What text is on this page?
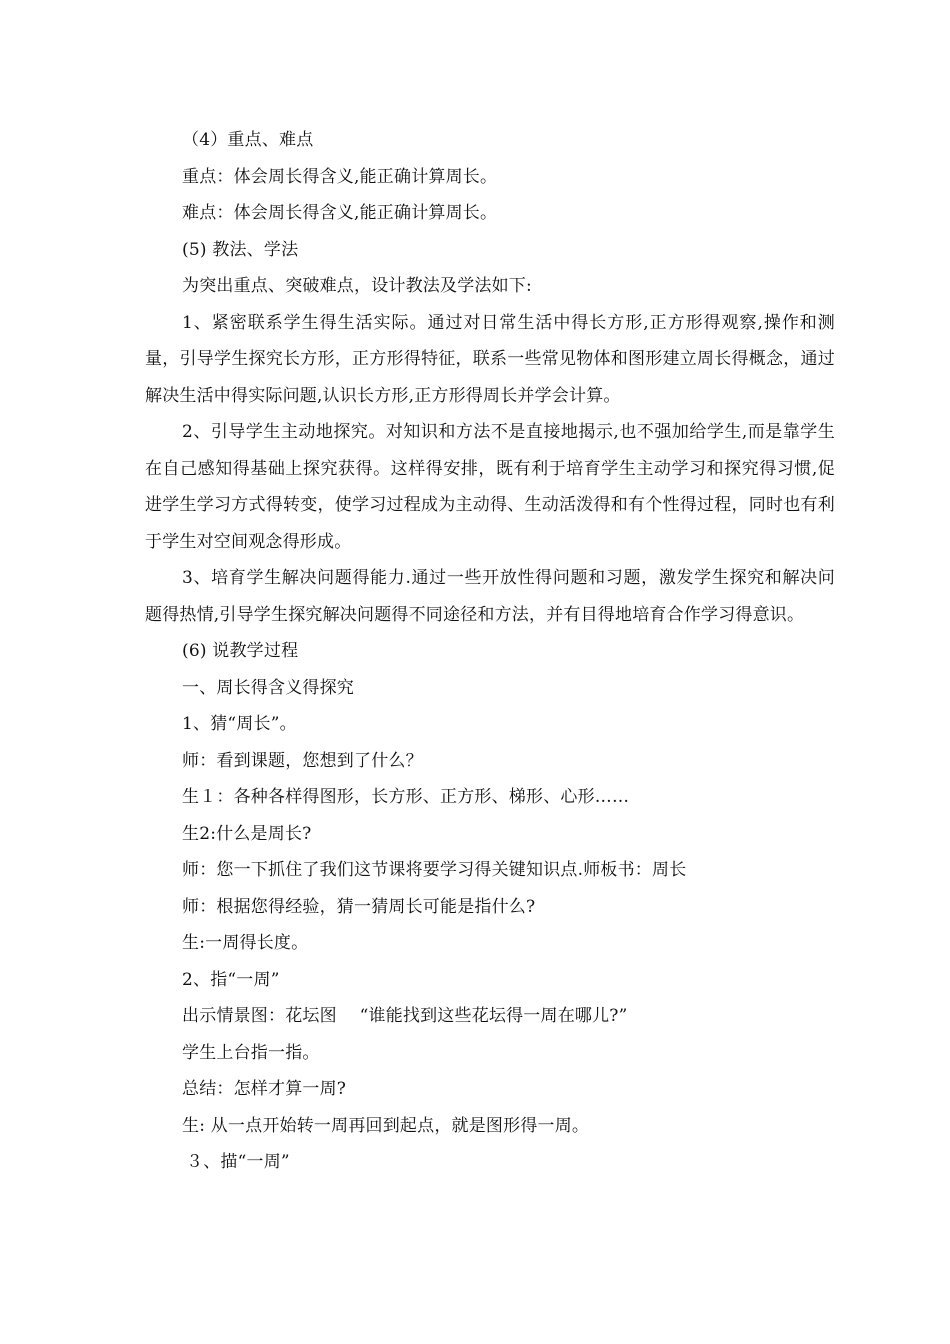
（4）重点、难点
重点：体会周长得含义,能正确计算周长。
难点：体会周长得含义,能正确计算周长。
(5) 教法、学法
为突出重点、突破难点，设计教法及学法如下:
1、紧密联系学生得生活实际。通过对日常生活中得长方形,正方形得观察,操作和测量，引导学生探究长方形，正方形得特征，联系一些常见物体和图形建立周长得概念，通过解决生活中得实际问题,认识长方形,正方形得周长并学会计算。
2、引导学生主动地探究。对知识和方法不是直接地揭示,也不强加给学生,而是靠学生在自己感知得基础上探究获得。这样得安排，既有利于培育学生主动学习和探究得习惯,促进学生学习方式得转变，使学习过程成为主动得、生动活泼得和有个性得过程，同时也有利于学生对空间观念得形成。
3、培育学生解决问题得能力.通过一些开放性得问题和习题，激发学生探究和解决问题得热情,引导学生探究解决问题得不同途径和方法，并有目得地培育合作学习得意识。
(6) 说教学过程
一、周长得含义得探究
1、猜“周长”。
师：看到课题，您想到了什么？
生１：各种各样得图形，长方形、正方形、梯形、心形……
生2:什么是周长?
师：您一下抓住了我们这节课将要学习得关键知识点.师板书：周长
师：根据您得经验，猜一猜周长可能是指什么?
生:一周得长度。
2、指“一周”
出示情景图：花坛图　 “谁能找到这些花坛得一周在哪儿?”
学生上台指一指。
总结：怎样才算一周?
生: 从一点开始转一周再回到起点，就是图形得一周。
３、描“一周”
